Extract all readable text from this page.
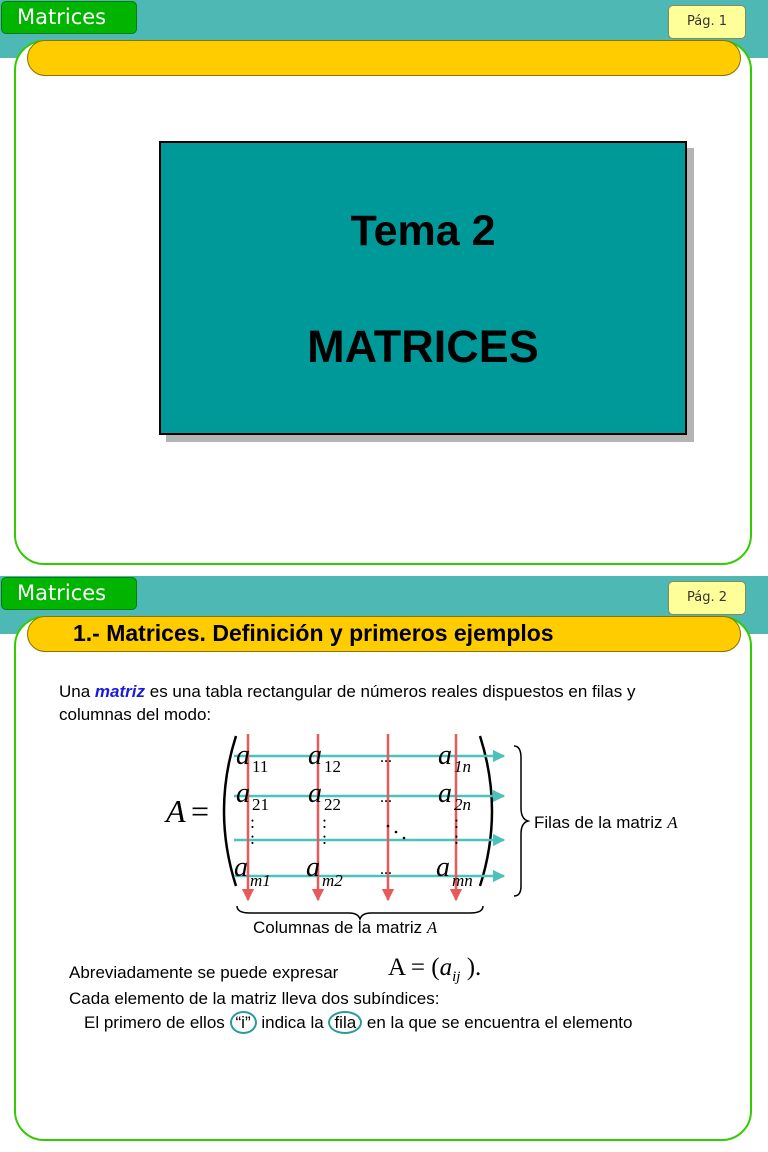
Matrices	Pág. 1
Tema 2
MATRICES
Matrices	Pág. 2
1.- Matrices. Definición y primeros ejemplos
Una matriz es una tabla rectangular de números reales dispuestos en filas y
columnas del modo:
A =
a 11 a 12 ... a 1n
a 21 a 22 ... a 2n
:
:
:
:
:
:
a m1 a m2
... a mn
Filas de la matriz A
Columnas de la matriz A
Abreviadamente se puede expresar $A = (a_{ij}$ ).
Cada elemento de la matriz lleva dos subíndices:
El primero de ellos “i” indica la fila en la que se encuentra el elemento
